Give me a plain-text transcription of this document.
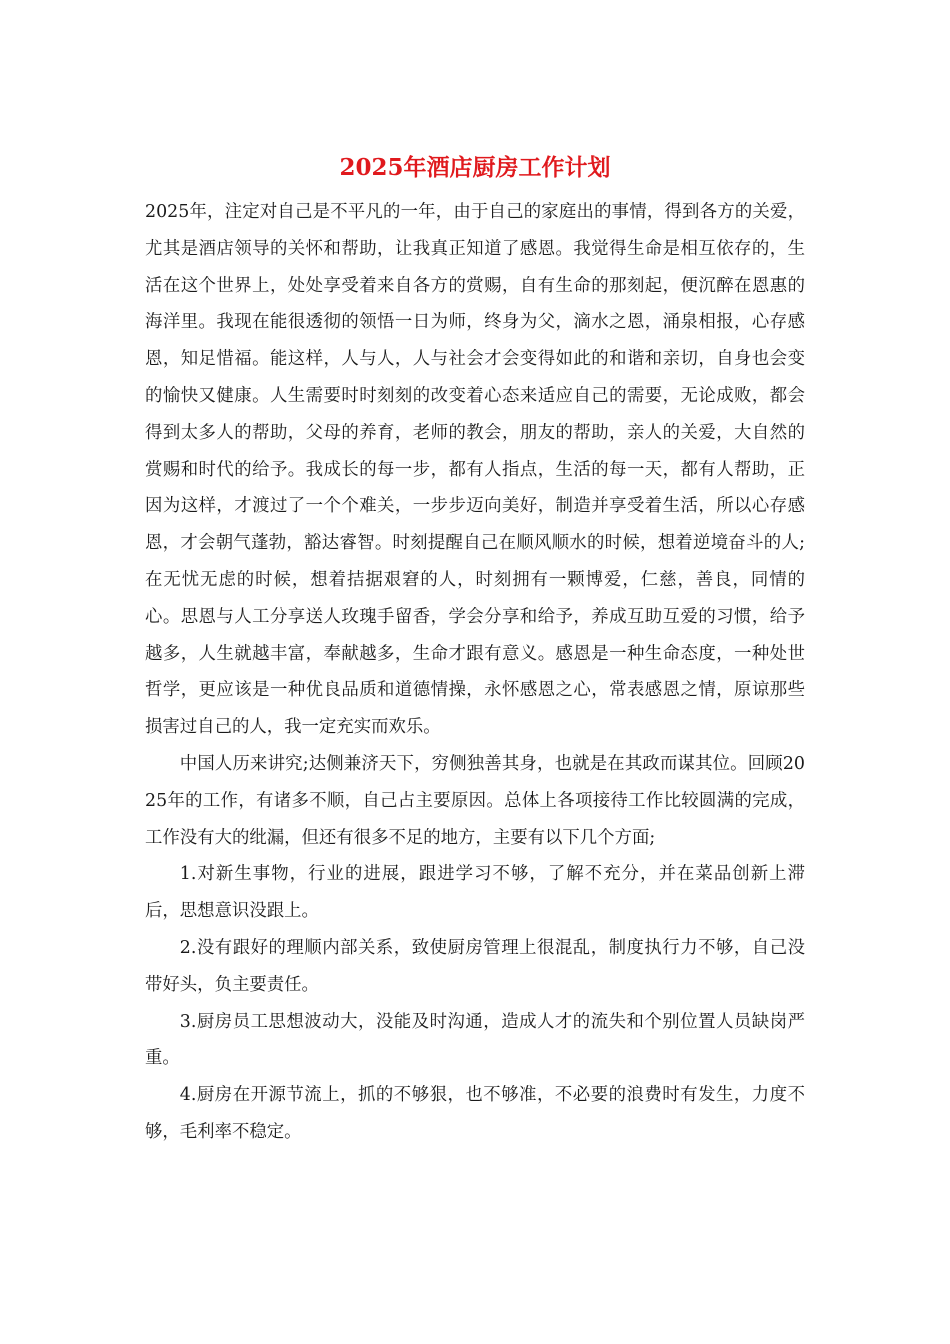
2025年酒店厨房工作计划

2025年，注定对自己是不平凡的一年，由于自己的家庭出的事情，得到各方的关爱，尤其是酒店领导的关怀和帮助，让我真正知道了感恩。我觉得生命是相互依存的，生活在这个世界上，处处享受着来自各方的赏赐，自有生命的那刻起，便沉醉在恩惠的海洋里。我现在能很透彻的领悟一日为师，终身为父，滴水之恩，涌泉相报，心存感恩，知足惜福。能这样，人与人，人与社会才会变得如此的和谐和亲切，自身也会变的愉快又健康。人生需要时时刻刻的改变着心态来适应自己的需要，无论成败，都会得到太多人的帮助，父母的养育，老师的教会，朋友的帮助，亲人的关爱，大自然的赏赐和时代的给予。我成长的每一步，都有人指点，生活的每一天，都有人帮助，正因为这样，才渡过了一个个难关，一步步迈向美好，制造并享受着生活，所以心存感恩，才会朝气蓬勃，豁达睿智。时刻提醒自己在顺风顺水的时候，想着逆境奋斗的人;在无忧无虑的时候，想着拮据艰窘的人，时刻拥有一颗博爱，仁慈，善良，同情的心。思恩与人工分享送人玫瑰手留香，学会分享和给予，养成互助互爱的习惯，给予越多，人生就越丰富，奉献越多，生命才跟有意义。感恩是一种生命态度，一种处世哲学，更应该是一种优良品质和道德情操，永怀感恩之心，常表感恩之情，原谅那些损害过自己的人，我一定充实而欢乐。

中国人历来讲究;达侧兼济天下，穷侧独善其身，也就是在其政而谋其位。回顾2025年的工作，有诸多不顺，自己占主要原因。总体上各项接待工作比较圆满的完成，工作没有大的纰漏，但还有很多不足的地方，主要有以下几个方面;

1.对新生事物，行业的进展，跟进学习不够，了解不充分，并在菜品创新上滞后，思想意识没跟上。

2.没有跟好的理顺内部关系，致使厨房管理上很混乱，制度执行力不够，自己没带好头，负主要责任。

3.厨房员工思想波动大，没能及时沟通，造成人才的流失和个别位置人员缺岗严重。

4.厨房在开源节流上，抓的不够狠，也不够准，不必要的浪费时有发生，力度不够，毛利率不稳定。
